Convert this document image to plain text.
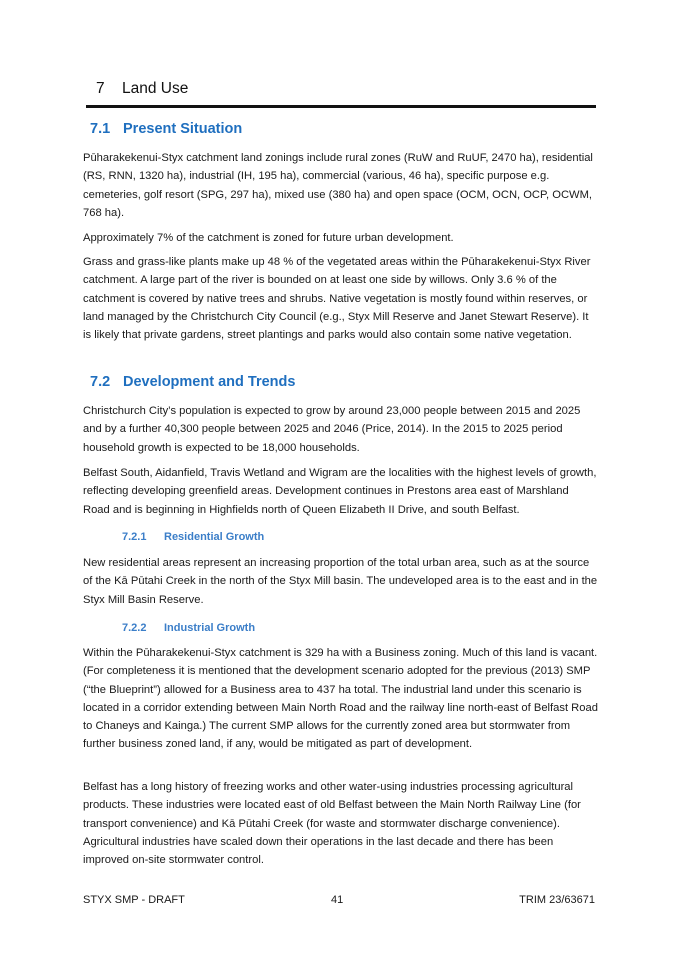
7 Land Use
7.1 Present Situation
Pūharakekenui-Styx catchment land zonings include rural zones (RuW and RuUF, 2470 ha), residential (RS, RNN, 1320 ha), industrial (IH, 195 ha), commercial (various, 46 ha), specific purpose e.g. cemeteries, golf resort (SPG, 297 ha), mixed use (380 ha) and open space (OCM, OCN, OCP, OCWM, 768 ha).
Approximately 7% of the catchment is zoned for future urban development.
Grass and grass-like plants make up 48 % of the vegetated areas within the Pūharakekenui-Styx River catchment. A large part of the river is bounded on at least one side by willows. Only 3.6 % of the catchment is covered by native trees and shrubs. Native vegetation is mostly found within reserves, or land managed by the Christchurch City Council (e.g., Styx Mill Reserve and Janet Stewart Reserve). It is likely that private gardens, street plantings and parks would also contain some native vegetation.
7.2 Development and Trends
Christchurch City’s population is expected to grow by around 23,000 people between 2015 and 2025 and by a further 40,300 people between 2025 and 2046 (Price, 2014). In the 2015 to 2025 period household growth is expected to be 18,000 households.
Belfast South, Aidanfield, Travis Wetland and Wigram are the localities with the highest levels of growth, reflecting developing greenfield areas. Development continues in Prestons area east of Marshland Road and is beginning in Highfields north of Queen Elizabeth II Drive, and south Belfast.
7.2.1 Residential Growth
New residential areas represent an increasing proportion of the total urban area, such as at the source of the Kā Pūtahi Creek in the north of the Styx Mill basin. The undeveloped area is to the east and in the Styx Mill Basin Reserve.
7.2.2 Industrial Growth
Within the Pūharakekenui-Styx catchment is 329 ha with a Business zoning. Much of this land is vacant. (For completeness it is mentioned that the development scenario adopted for the previous (2013) SMP (“the Blueprint”) allowed for a Business area to 437 ha total. The industrial land under this scenario is located in a corridor extending between Main North Road and the railway line north-east of Belfast Road to Chaneys and Kainga.) The current SMP allows for the currently zoned area but stormwater from further business zoned land, if any, would be mitigated as part of development.
Belfast has a long history of freezing works and other water-using industries processing agricultural products. These industries were located east of old Belfast between the Main North Railway Line (for transport convenience) and Kā Pūtahi Creek (for waste and stormwater discharge convenience). Agricultural industries have scaled down their operations in the last decade and there has been improved on-site stormwater control.
STYX SMP - DRAFT	41	TRIM 23/63671
